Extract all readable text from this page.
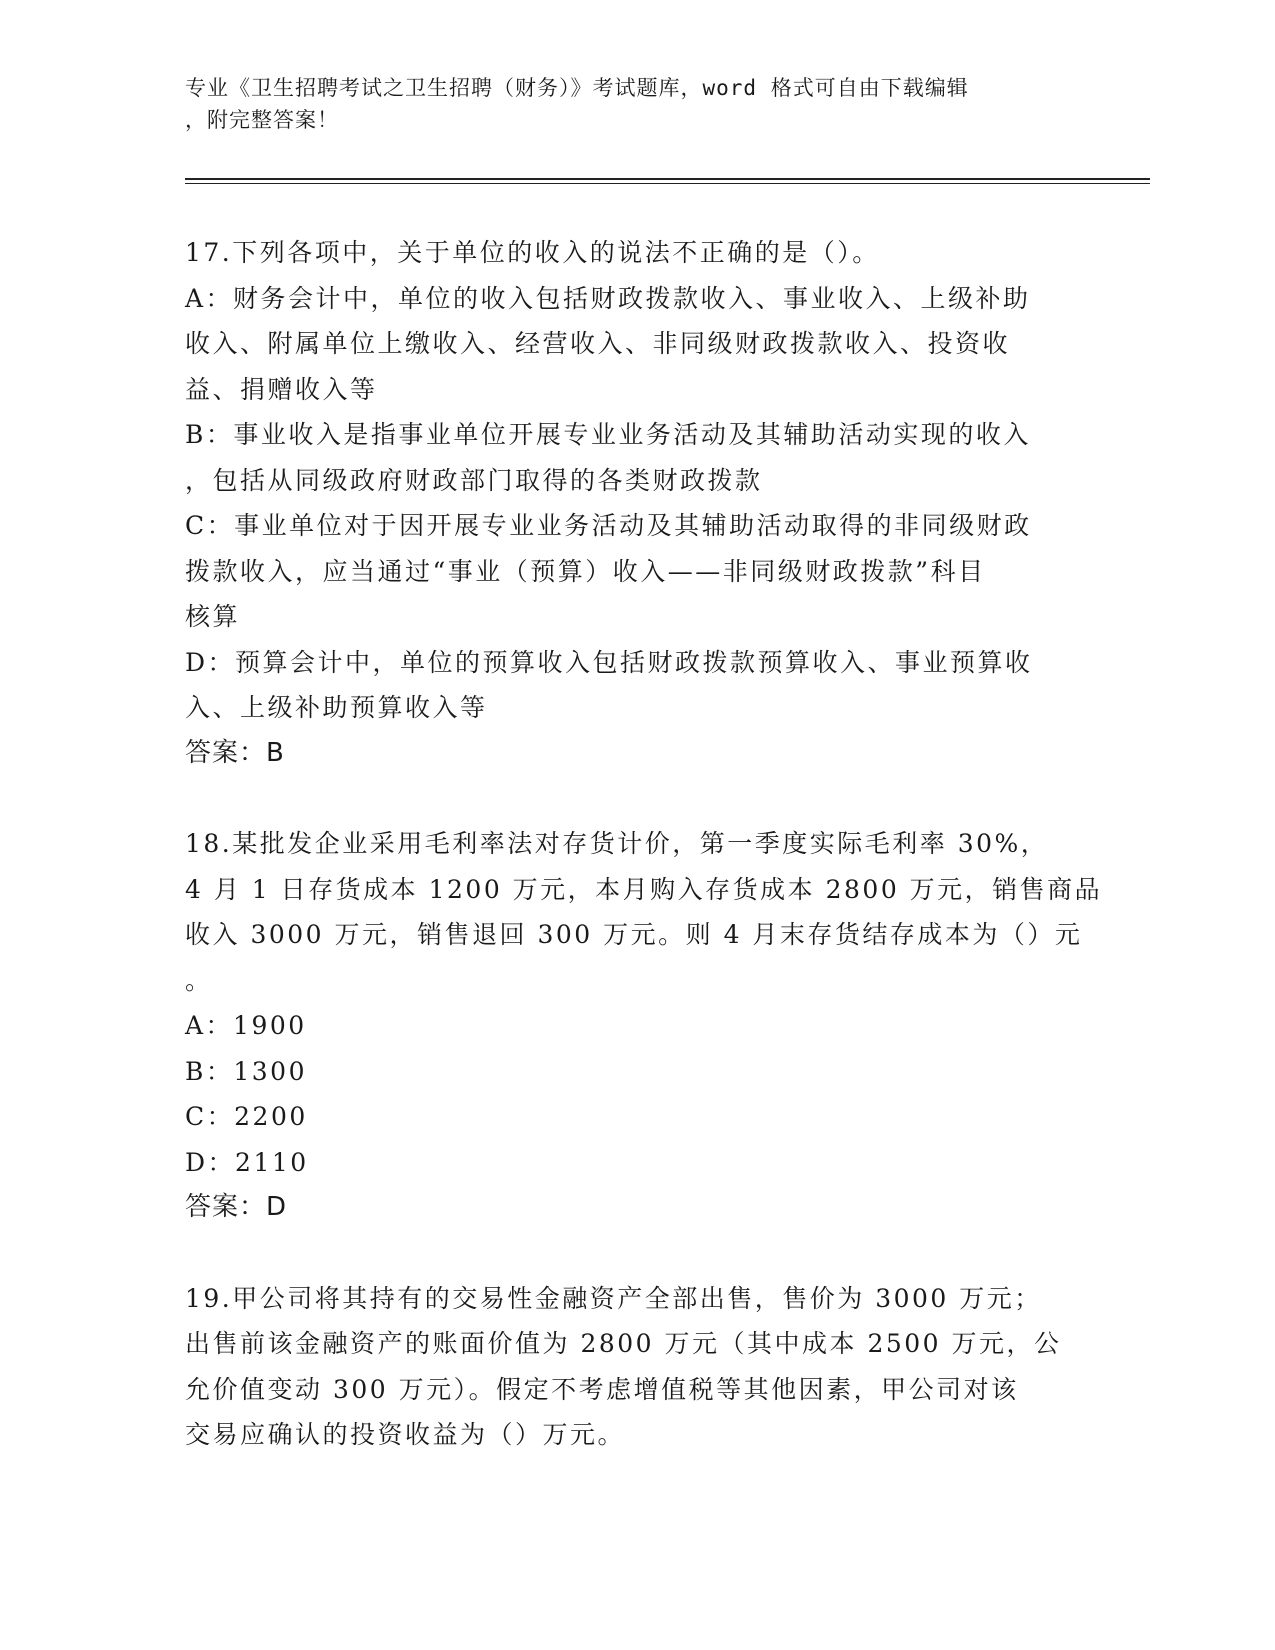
专业《卫生招聘考试之卫生招聘（财务）》考试题库，word 格式可自由下载编辑
，附完整答案！
17.下列各项中，关于单位的收入的说法不正确的是（）。
A：财务会计中，单位的收入包括财政拨款收入、事业收入、上级补助
收入、附属单位上缴收入、经营收入、非同级财政拨款收入、投资收
益、捐赠收入等
B：事业收入是指事业单位开展专业业务活动及其辅助活动实现的收入
，包括从同级政府财政部门取得的各类财政拨款
C：事业单位对于因开展专业业务活动及其辅助活动取得的非同级财政
拨款收入，应当通过“事业（预算）收入——非同级财政拨款”科目
核算
D：预算会计中，单位的预算收入包括财政拨款预算收入、事业预算收
入、上级补助预算收入等
答案：B
18.某批发企业采用毛利率法对存货计价，第一季度实际毛利率 30%，
4 月 1 日存货成本 1200 万元，本月购入存货成本 2800 万元，销售商品
收入 3000 万元，销售退回 300 万元。则 4 月末存货结存成本为（）元
。
A：1900
B：1300
C：2200
D：2110
答案：D
19.甲公司将其持有的交易性金融资产全部出售，售价为 3000 万元；
出售前该金融资产的账面价值为 2800 万元（其中成本 2500 万元，公
允价值变动 300 万元）。假定不考虑增值税等其他因素，甲公司对该
交易应确认的投资收益为（）万元。
